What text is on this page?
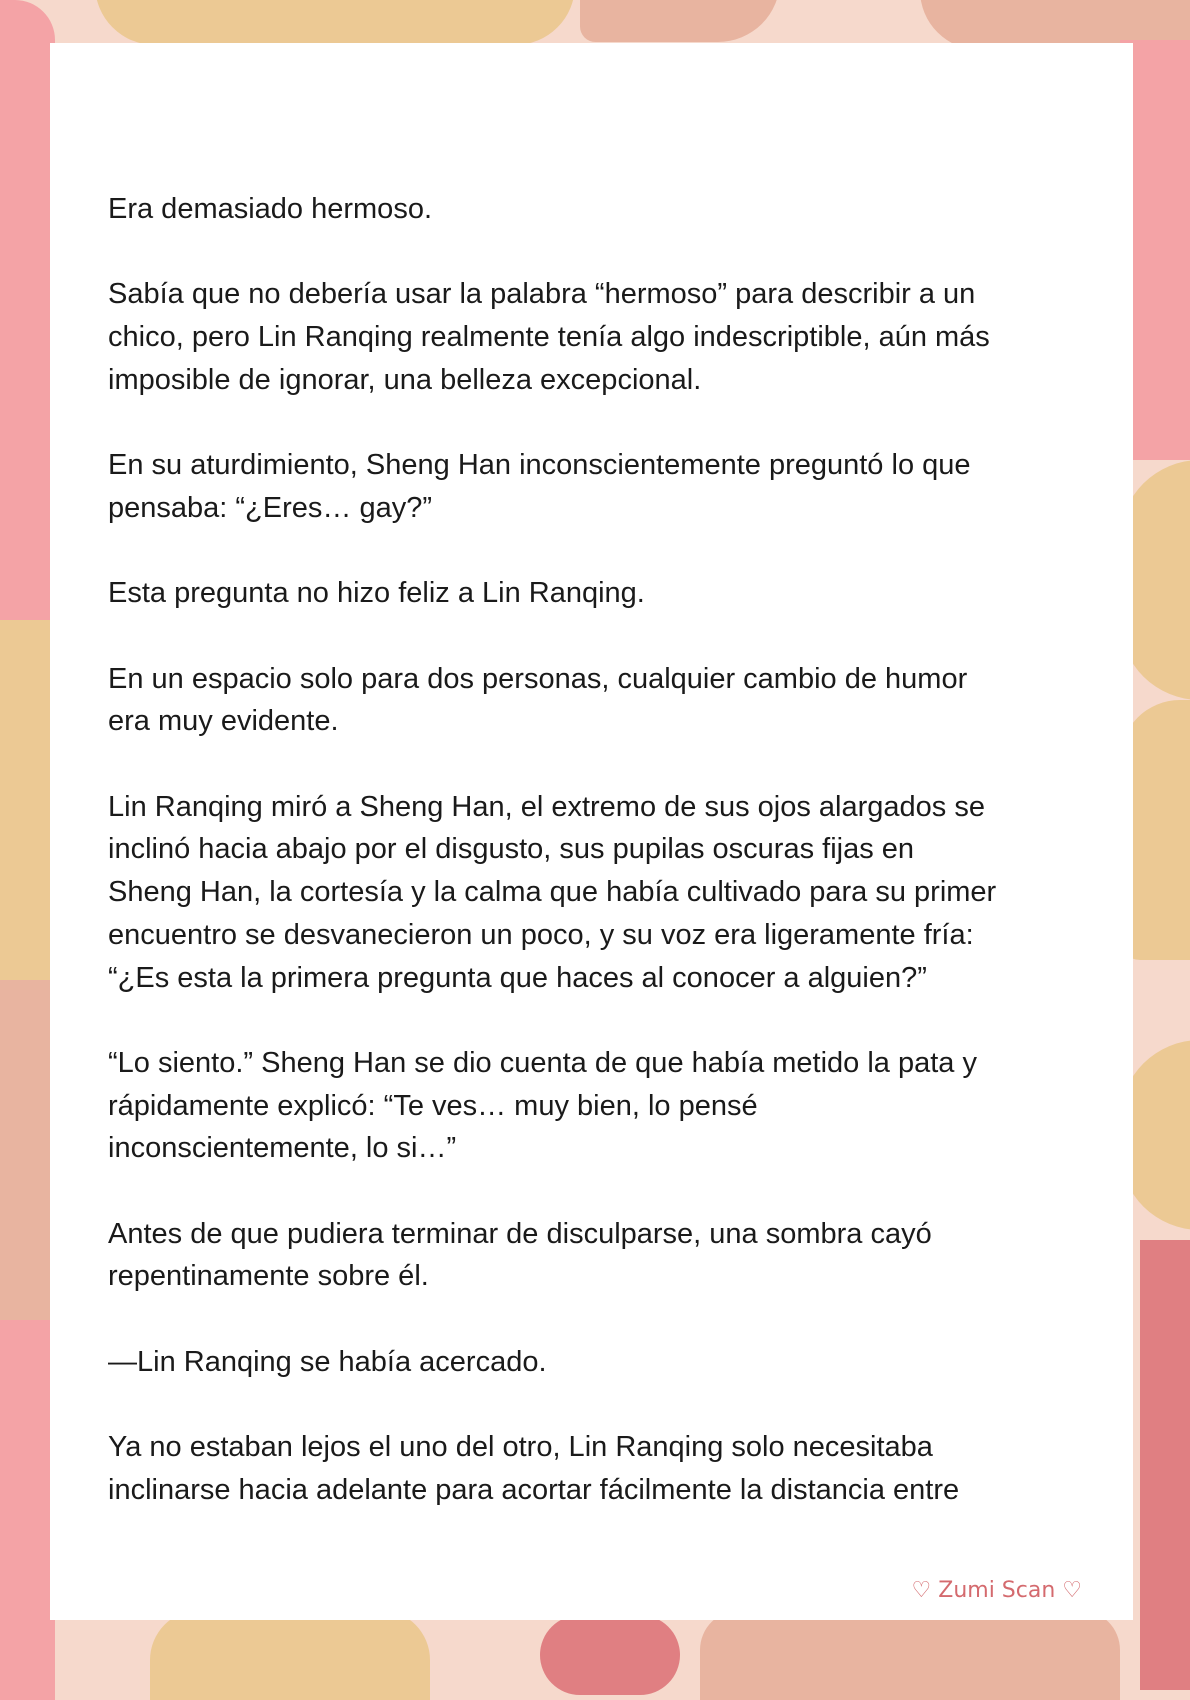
Era demasiado hermoso.

Sabía que no debería usar la palabra “hermoso” para describir a un
chico, pero Lin Ranqing realmente tenía algo indescriptible, aún más
imposible de ignorar, una belleza excepcional.

En su aturdimiento, Sheng Han inconscientemente preguntó lo que
pensaba: “¿Eres… gay?”

Esta pregunta no hizo feliz a Lin Ranqing.

En un espacio solo para dos personas, cualquier cambio de humor
era muy evidente.

Lin Ranqing miró a Sheng Han, el extremo de sus ojos alargados se
inclinó hacia abajo por el disgusto, sus pupilas oscuras fijas en
Sheng Han, la cortesía y la calma que había cultivado para su primer
encuentro se desvanecieron un poco, y su voz era ligeramente fría:
“¿Es esta la primera pregunta que haces al conocer a alguien?”

“Lo siento.” Sheng Han se dio cuenta de que había metido la pata y
rápidamente explicó: “Te ves… muy bien, lo pensé
inconscientemente, lo si…”

Antes de que pudiera terminar de disculparse, una sombra cayó
repentinamente sobre él.

—Lin Ranqing se había acercado.

Ya no estaban lejos el uno del otro, Lin Ranqing solo necesitaba
inclinarse hacia adelante para acortar fácilmente la distancia entre

♡ Zumi Scan ♡
